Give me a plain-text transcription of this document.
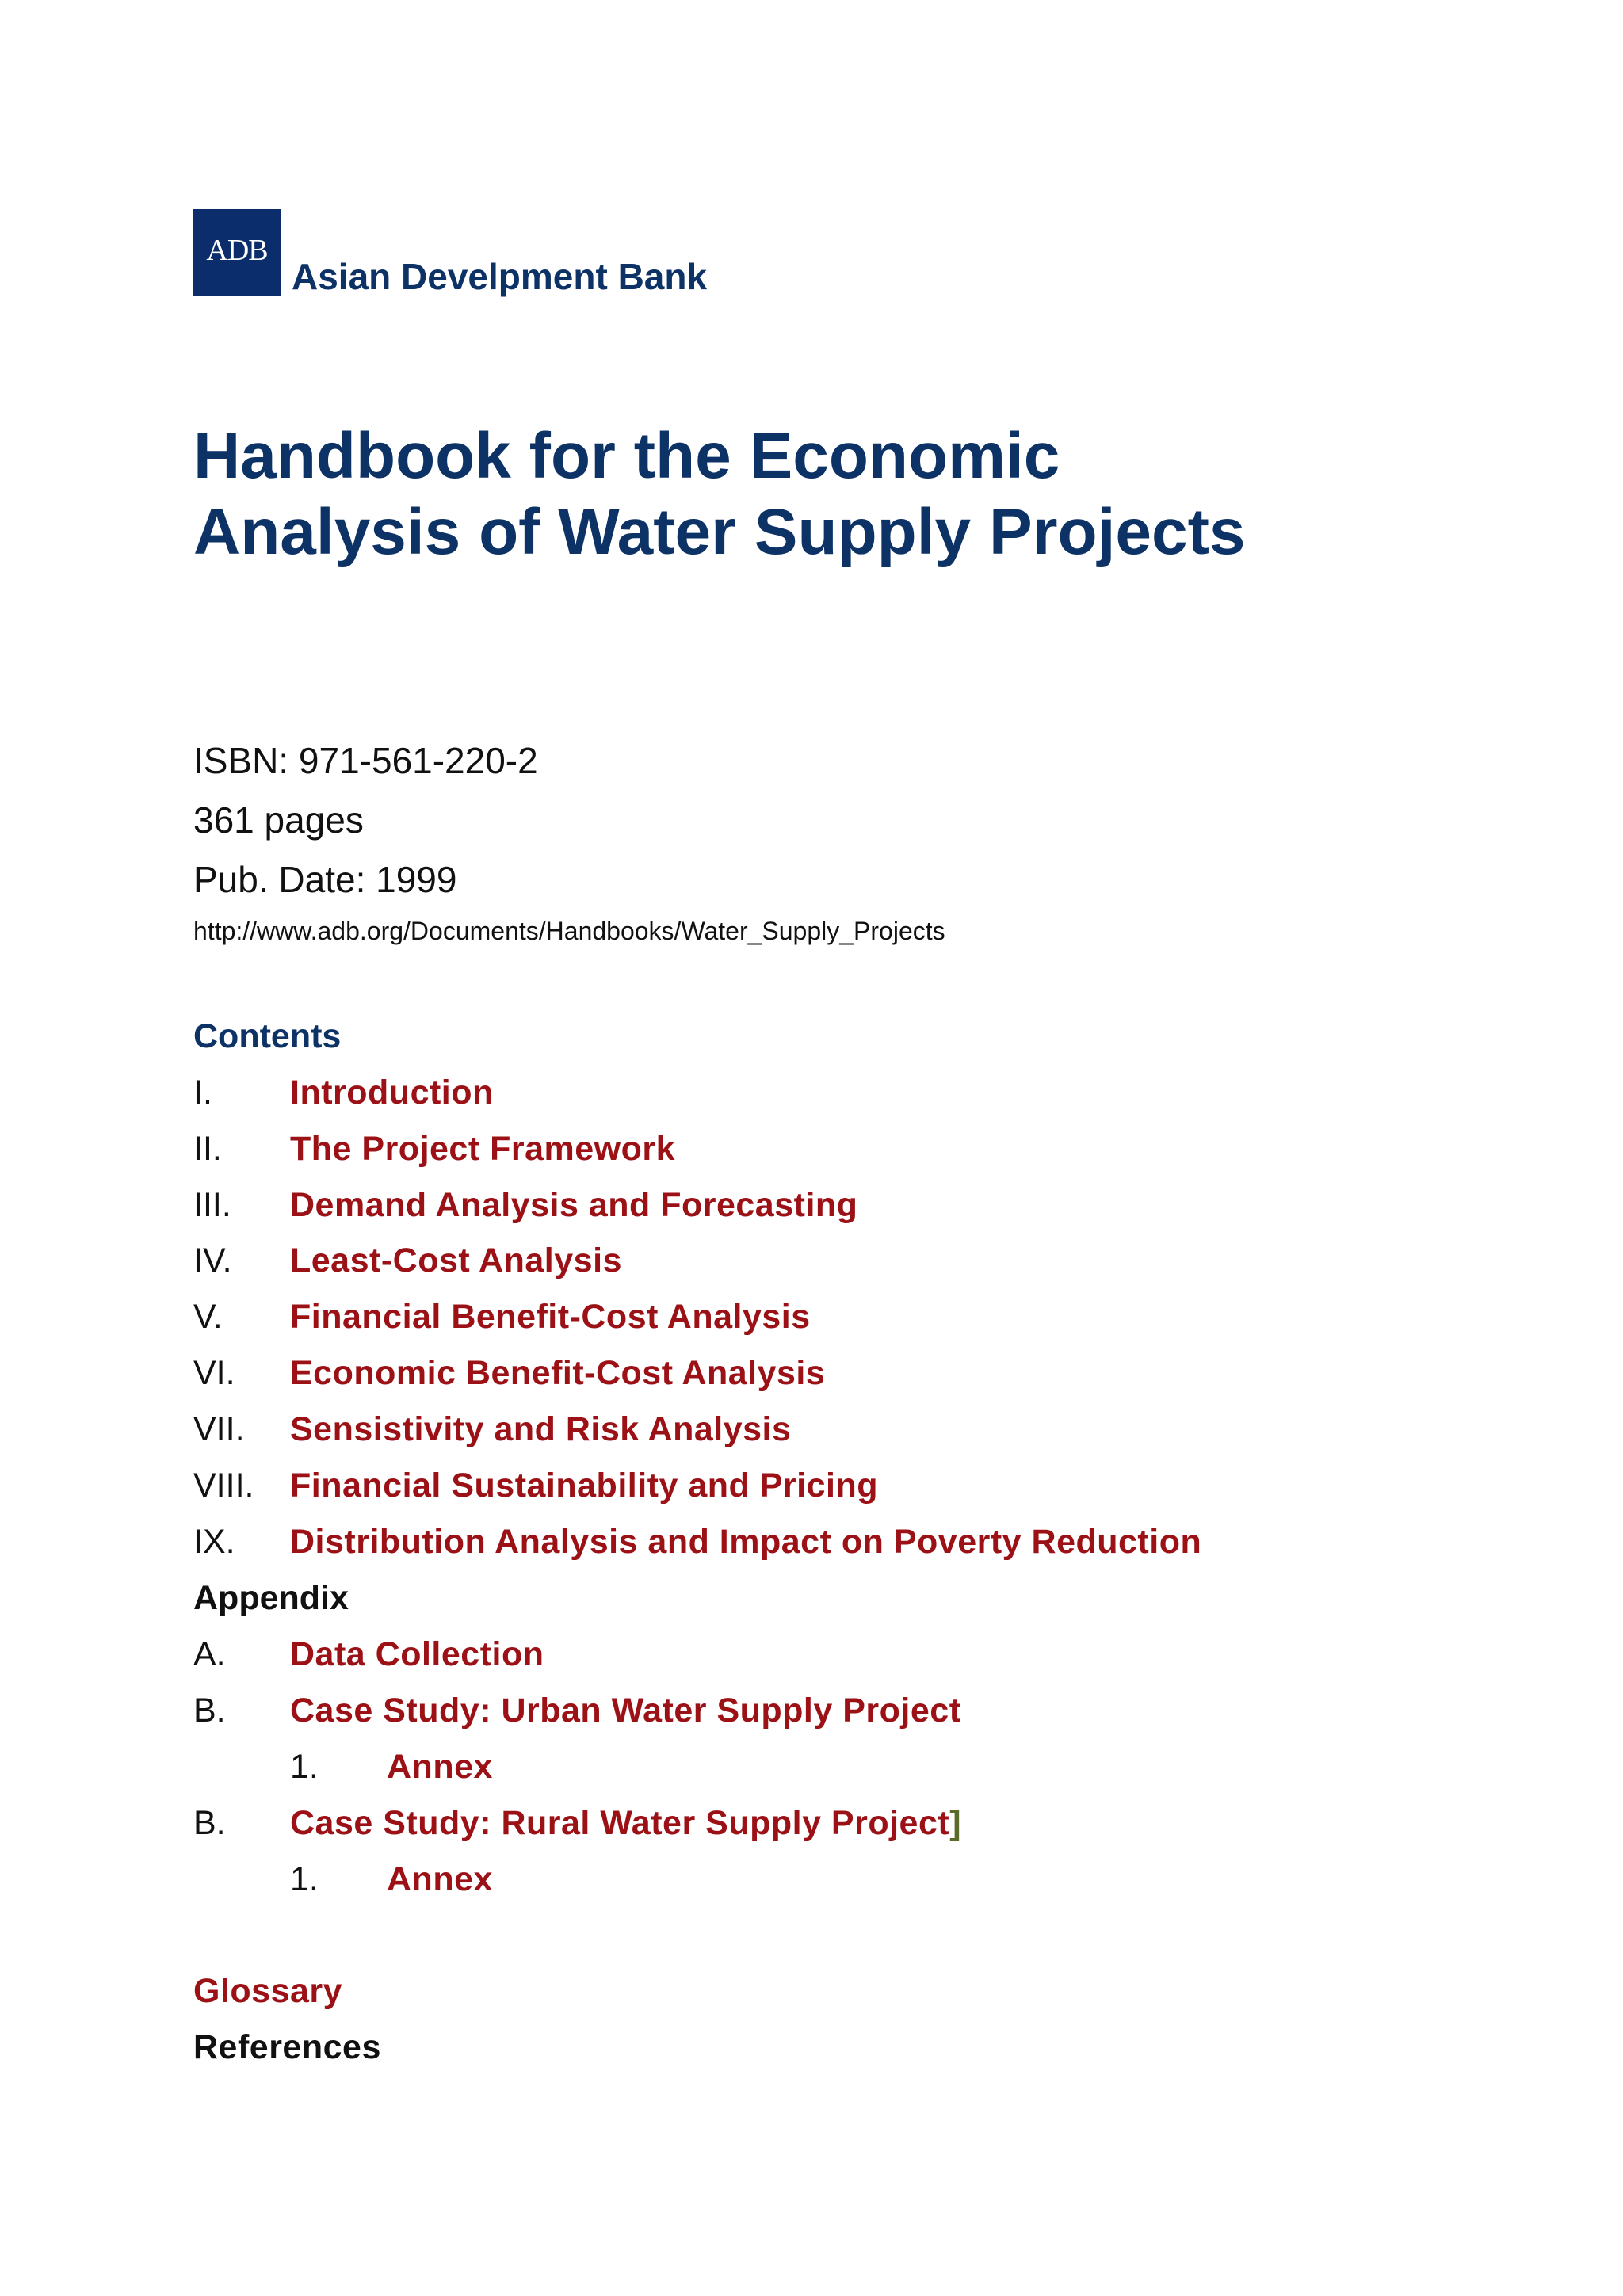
ADB
Asian Develpment Bank
Handbook for the Economic
Analysis of Water Supply Projects
ISBN: 971-561-220-2
361 pages
Pub. Date: 1999
http://www.adb.org/Documents/Handbooks/Water_Supply_Projects
Contents
I. Introduction
II. The Project Framework
III. Demand Analysis and Forecasting
IV. Least-Cost Analysis
V. Financial Benefit-Cost Analysis
VI. Economic Benefit-Cost Analysis
VII. Sensistivity and Risk Analysis
VIII. Financial Sustainability and Pricing
IX. Distribution Analysis and Impact on Poverty Reduction
Appendix
A. Data Collection
B. Case Study: Urban Water Supply Project
1. Annex
B. Case Study: Rural Water Supply Project]
1. Annex
Glossary
References
